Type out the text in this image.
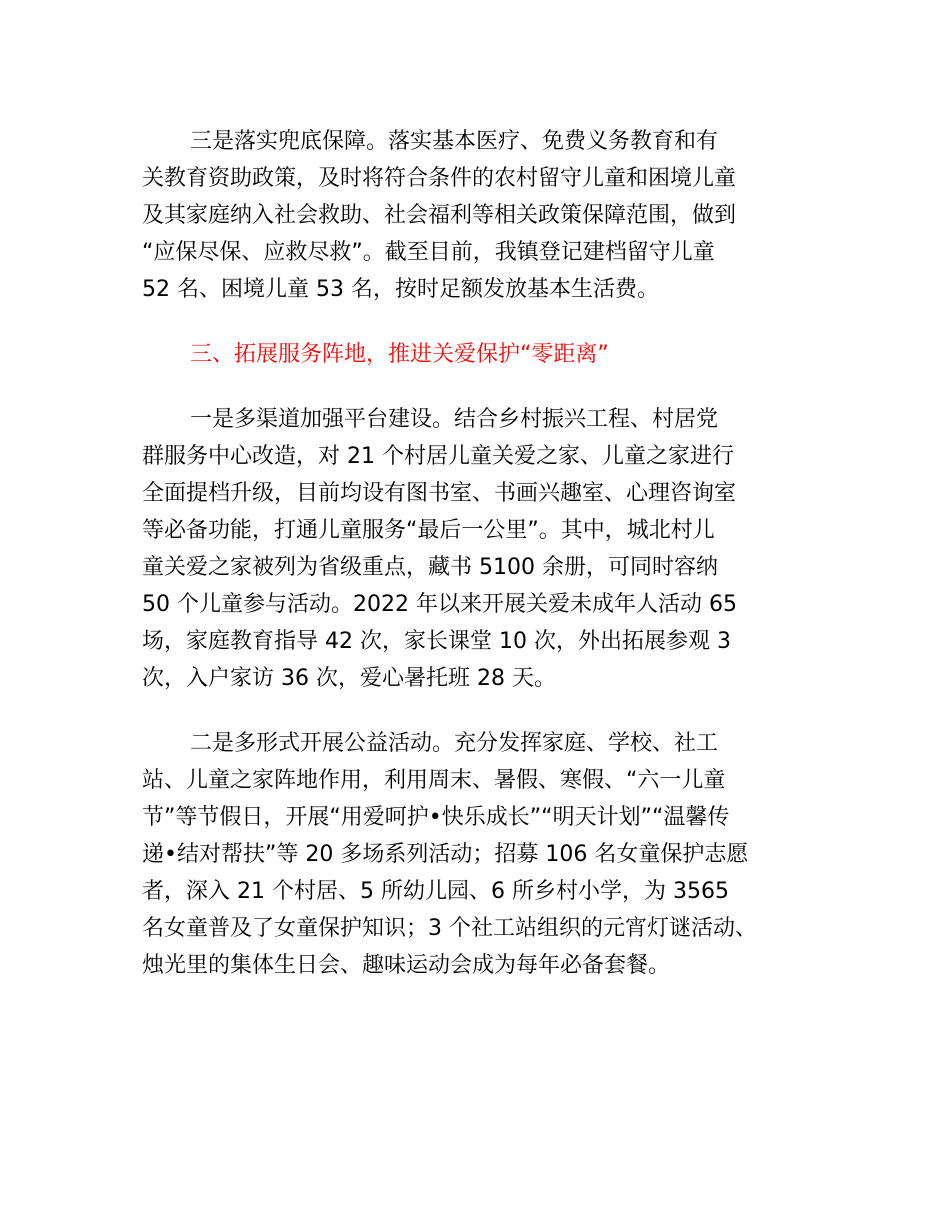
三是落实兜底保障。落实基本医疗、免费义务教育和有
关教育资助政策，及时将符合条件的农村留守儿童和困境儿童
及其家庭纳入社会救助、社会福利等相关政策保障范围，做到
“应保尽保、应救尽救”。截至目前，我镇登记建档留守儿童
52 名、困境儿童 53 名，按时足额发放基本生活费。
三、拓展服务阵地，推进关爱保护“零距离”
一是多渠道加强平台建设。结合乡村振兴工程、村居党
群服务中心改造，对 21 个村居儿童关爱之家、儿童之家进行
全面提档升级，目前均设有图书室、书画兴趣室、心理咨询室
等必备功能，打通儿童服务“最后一公里”。其中，城北村儿
童关爱之家被列为省级重点，藏书 5100 余册，可同时容纳
50 个儿童参与活动。2022 年以来开展关爱未成年人活动 65
场，家庭教育指导 42 次，家长课堂 10 次，外出拓展参观 3
次，入户家访 36 次，爱心暑托班 28 天。
二是多形式开展公益活动。充分发挥家庭、学校、社工
站、儿童之家阵地作用，利用周末、暑假、寒假、“六一儿童
节”等节假日，开展“用爱呵护•快乐成长”“明天计划”“温馨传
递•结对帮扶”等 20 多场系列活动；招募 106 名女童保护志愿
者，深入 21 个村居、5 所幼儿园、6 所乡村小学，为 3565
名女童普及了女童保护知识；3 个社工站组织的元宵灯谜活动、
烛光里的集体生日会、趣味运动会成为每年必备套餐。
